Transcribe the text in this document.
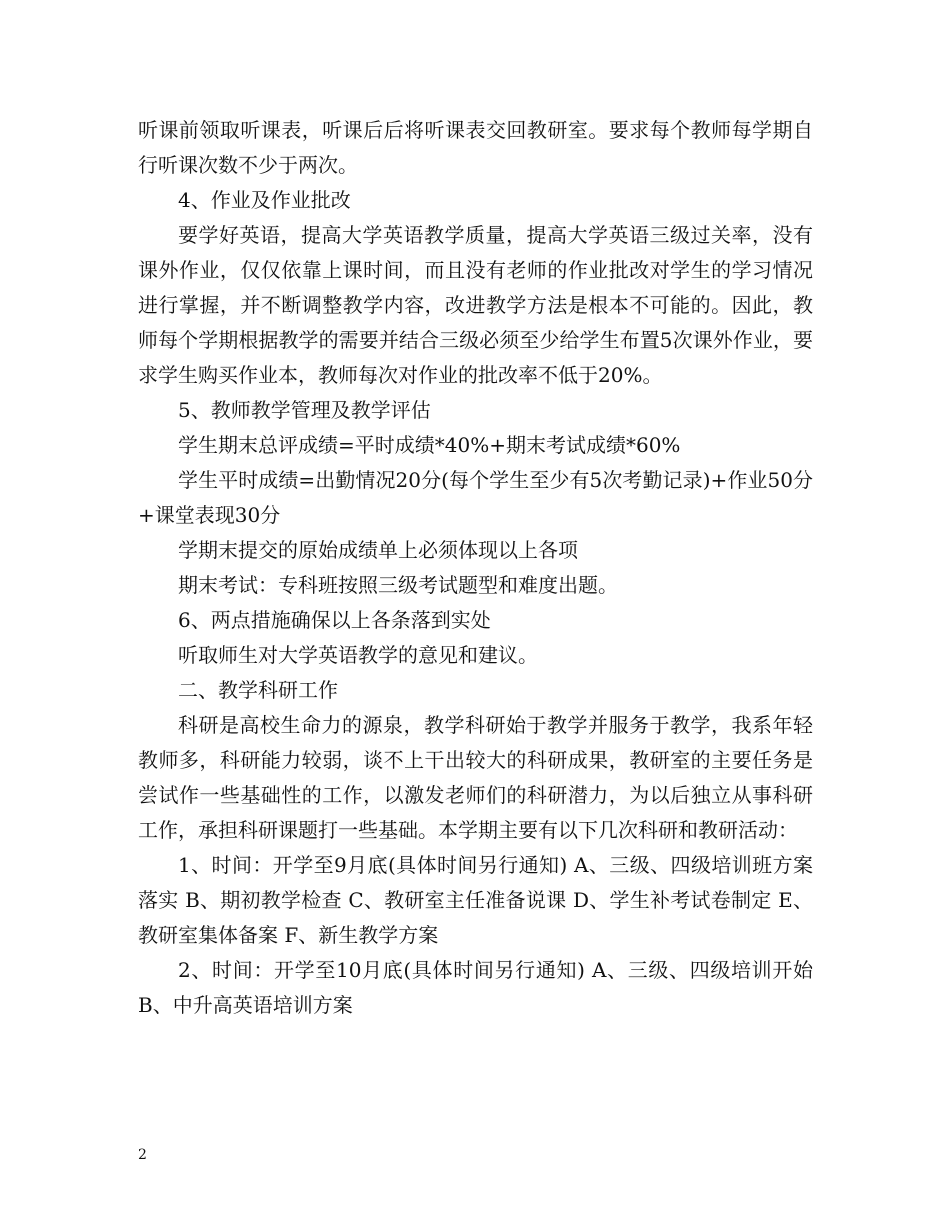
听课前领取听课表，听课后后将听课表交回教研室。要求每个教师每学期自行听课次数不少于两次。

4、作业及作业批改

要学好英语，提高大学英语教学质量，提高大学英语三级过关率，没有课外作业，仅仅依靠上课时间，而且没有老师的作业批改对学生的学习情况进行掌握，并不断调整教学内容，改进教学方法是根本不可能的。因此，教师每个学期根据教学的需要并结合三级必须至少给学生布置5次课外作业，要求学生购买作业本，教师每次对作业的批改率不低于20%。

5、教师教学管理及教学评估

学生期末总评成绩=平时成绩*40%+期末考试成绩*60%

学生平时成绩=出勤情况20分(每个学生至少有5次考勤记录)+作业50分+课堂表现30分

学期末提交的原始成绩单上必须体现以上各项

期末考试：专科班按照三级考试题型和难度出题。

6、两点措施确保以上各条落到实处

听取师生对大学英语教学的意见和建议。

二、教学科研工作

科研是高校生命力的源泉，教学科研始于教学并服务于教学，我系年轻教师多，科研能力较弱，谈不上干出较大的科研成果，教研室的主要任务是尝试作一些基础性的工作，以激发老师们的科研潜力，为以后独立从事科研工作，承担科研课题打一些基础。本学期主要有以下几次科研和教研活动：

1、时间：开学至9月底(具体时间另行通知) A、三级、四级培训班方案落实 B、期初教学检查 C、教研室主任准备说课 D、学生补考试卷制定 E、教研室集体备案 F、新生教学方案

2、时间：开学至10月底(具体时间另行通知) A、三级、四级培训开始 B、中升高英语培训方案

2
